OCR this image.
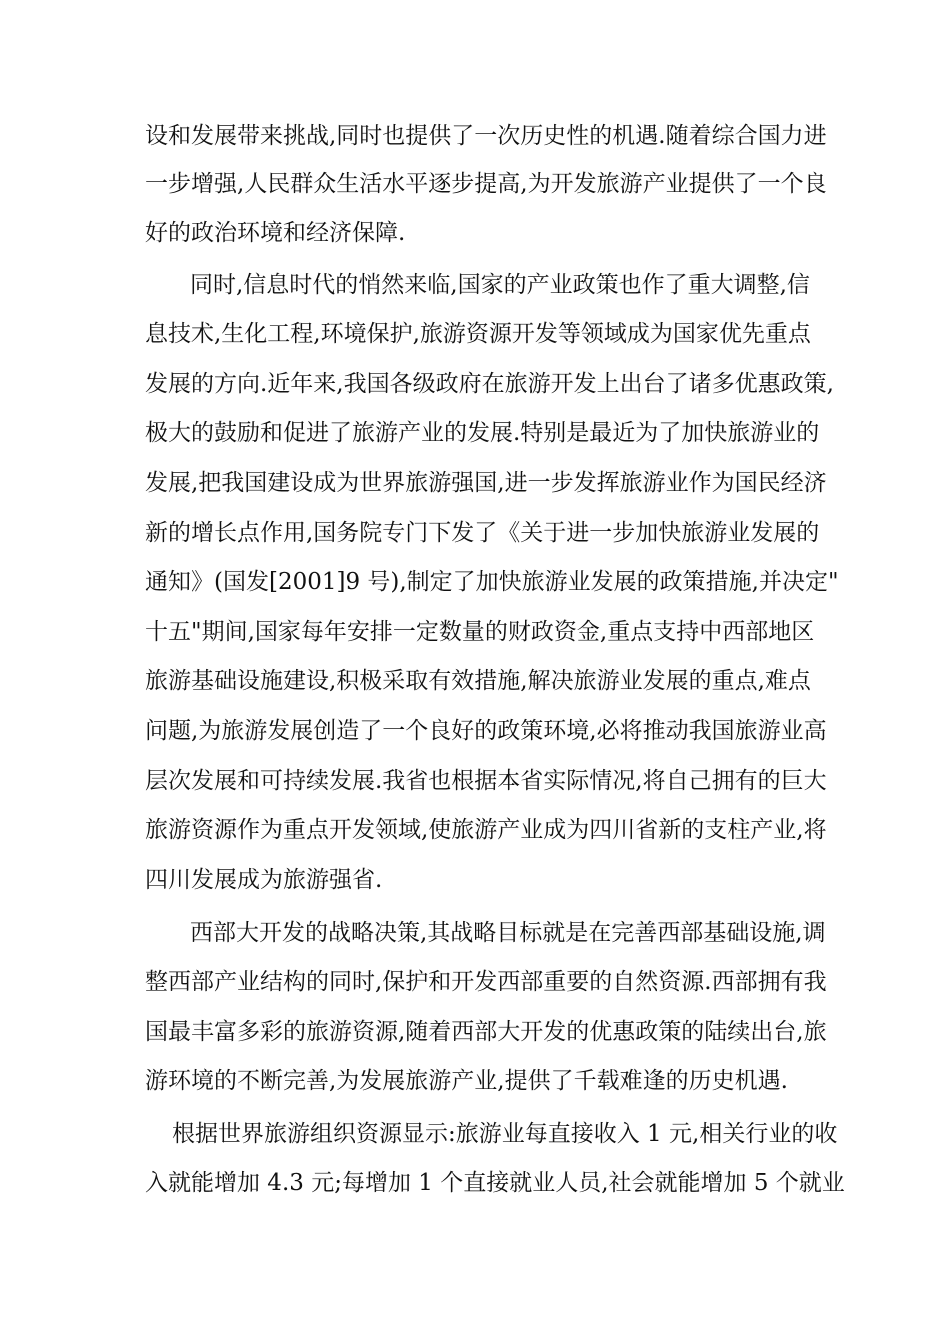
设和发展带来挑战,同时也提供了一次历史性的机遇.随着综合国力进
一步增强,人民群众生活水平逐步提高,为开发旅游产业提供了一个良
好的政治环境和经济保障.
同时,信息时代的悄然来临,国家的产业政策也作了重大调整,信
息技术,生化工程,环境保护,旅游资源开发等领域成为国家优先重点
发展的方向.近年来,我国各级政府在旅游开发上出台了诸多优惠政策,
极大的鼓励和促进了旅游产业的发展.特别是最近为了加快旅游业的
发展,把我国建设成为世界旅游强国,进一步发挥旅游业作为国民经济
新的增长点作用,国务院专门下发了《关于进一步加快旅游业发展的
通知》(国发[2001]9 号),制定了加快旅游业发展的政策措施,并决定"
十五"期间,国家每年安排一定数量的财政资金,重点支持中西部地区
旅游基础设施建设,积极采取有效措施,解决旅游业发展的重点,难点
问题,为旅游发展创造了一个良好的政策环境,必将推动我国旅游业高
层次发展和可持续发展.我省也根据本省实际情况,将自己拥有的巨大
旅游资源作为重点开发领域,使旅游产业成为四川省新的支柱产业,将
四川发展成为旅游强省.
西部大开发的战略决策,其战略目标就是在完善西部基础设施,调
整西部产业结构的同时,保护和开发西部重要的自然资源.西部拥有我
国最丰富多彩的旅游资源,随着西部大开发的优惠政策的陆续出台,旅
游环境的不断完善,为发展旅游产业,提供了千载难逢的历史机遇.
根据世界旅游组织资源显示:旅游业每直接收入 1 元,相关行业的收
入就能增加 4.3 元;每增加 1 个直接就业人员,社会就能增加 5 个就业
